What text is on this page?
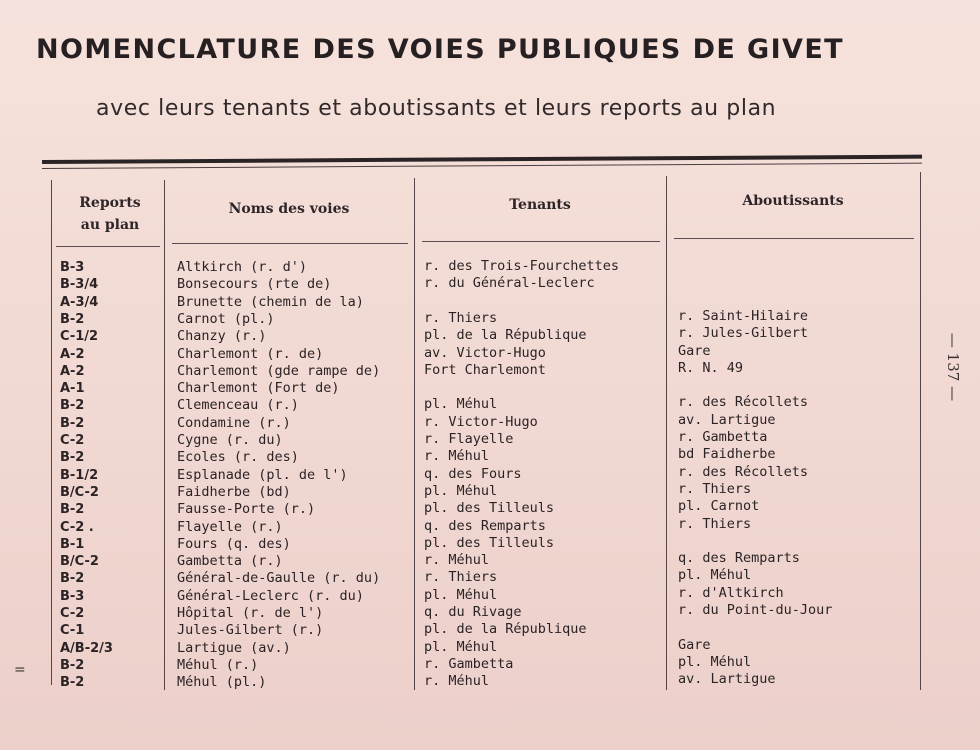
NOMENCLATURE DES VOIES PUBLIQUES DE GIVET
avec leurs tenants et aboutissants et leurs reports au plan
Reports
au plan
Noms des voies	Tenants	Aboutissants
B-3	Altkirch (r. d')	r. des Trois-Fourchettes
B-3/4	Bonsecours (rte de)	r. du Général-Leclerc
A-3/4	Brunette (chemin de la)
B-2	Carnot (pl.)	r. Thiers	r. Saint-Hilaire
C-1/2	Chanzy (r.)	pl. de la République	r. Jules-Gilbert
A-2	Charlemont (r. de)	av. Victor-Hugo	Gare
A-2	Charlemont (gde rampe de)	Fort Charlemont	R. N. 49
A-1	Charlemont (Fort de)
B-2	Clemenceau (r.)	pl. Méhul	r. des Récollets
B-2	Condamine (r.)	r. Victor-Hugo	av. Lartigue
C-2	Cygne (r. du)	r. Flayelle	r. Gambetta
B-2	Ecoles (r. des)	r. Méhul	bd Faidherbe
B-1/2	Esplanade (pl. de l')	q. des Fours	r. des Récollets
B/C-2	Faidherbe (bd)	pl. Méhul	r. Thiers
B-2	Fausse-Porte (r.)	pl. des Tilleuls	pl. Carnot
C-2 .	Flayelle (r.)	q. des Remparts	r. Thiers
B-1	Fours (q. des)	pl. des Tilleuls
B/C-2	Gambetta (r.)	r. Méhul	q. des Remparts
B-2	Général-de-Gaulle (r. du)	r. Thiers	pl. Méhul
B-3	Général-Leclerc (r. du)	pl. Méhul	r. d'Altkirch
C-2	Hôpital (r. de l')	q. du Rivage	r. du Point-du-Jour
C-1	Jules-Gilbert (r.)	pl. de la République
A/B-2/3	Lartigue (av.)	pl. Méhul	Gare
B-2	Méhul (r.)	r. Gambetta	pl. Méhul
B-2	Méhul (pl.)	r. Méhul	av. Lartigue
— 137 —
=
